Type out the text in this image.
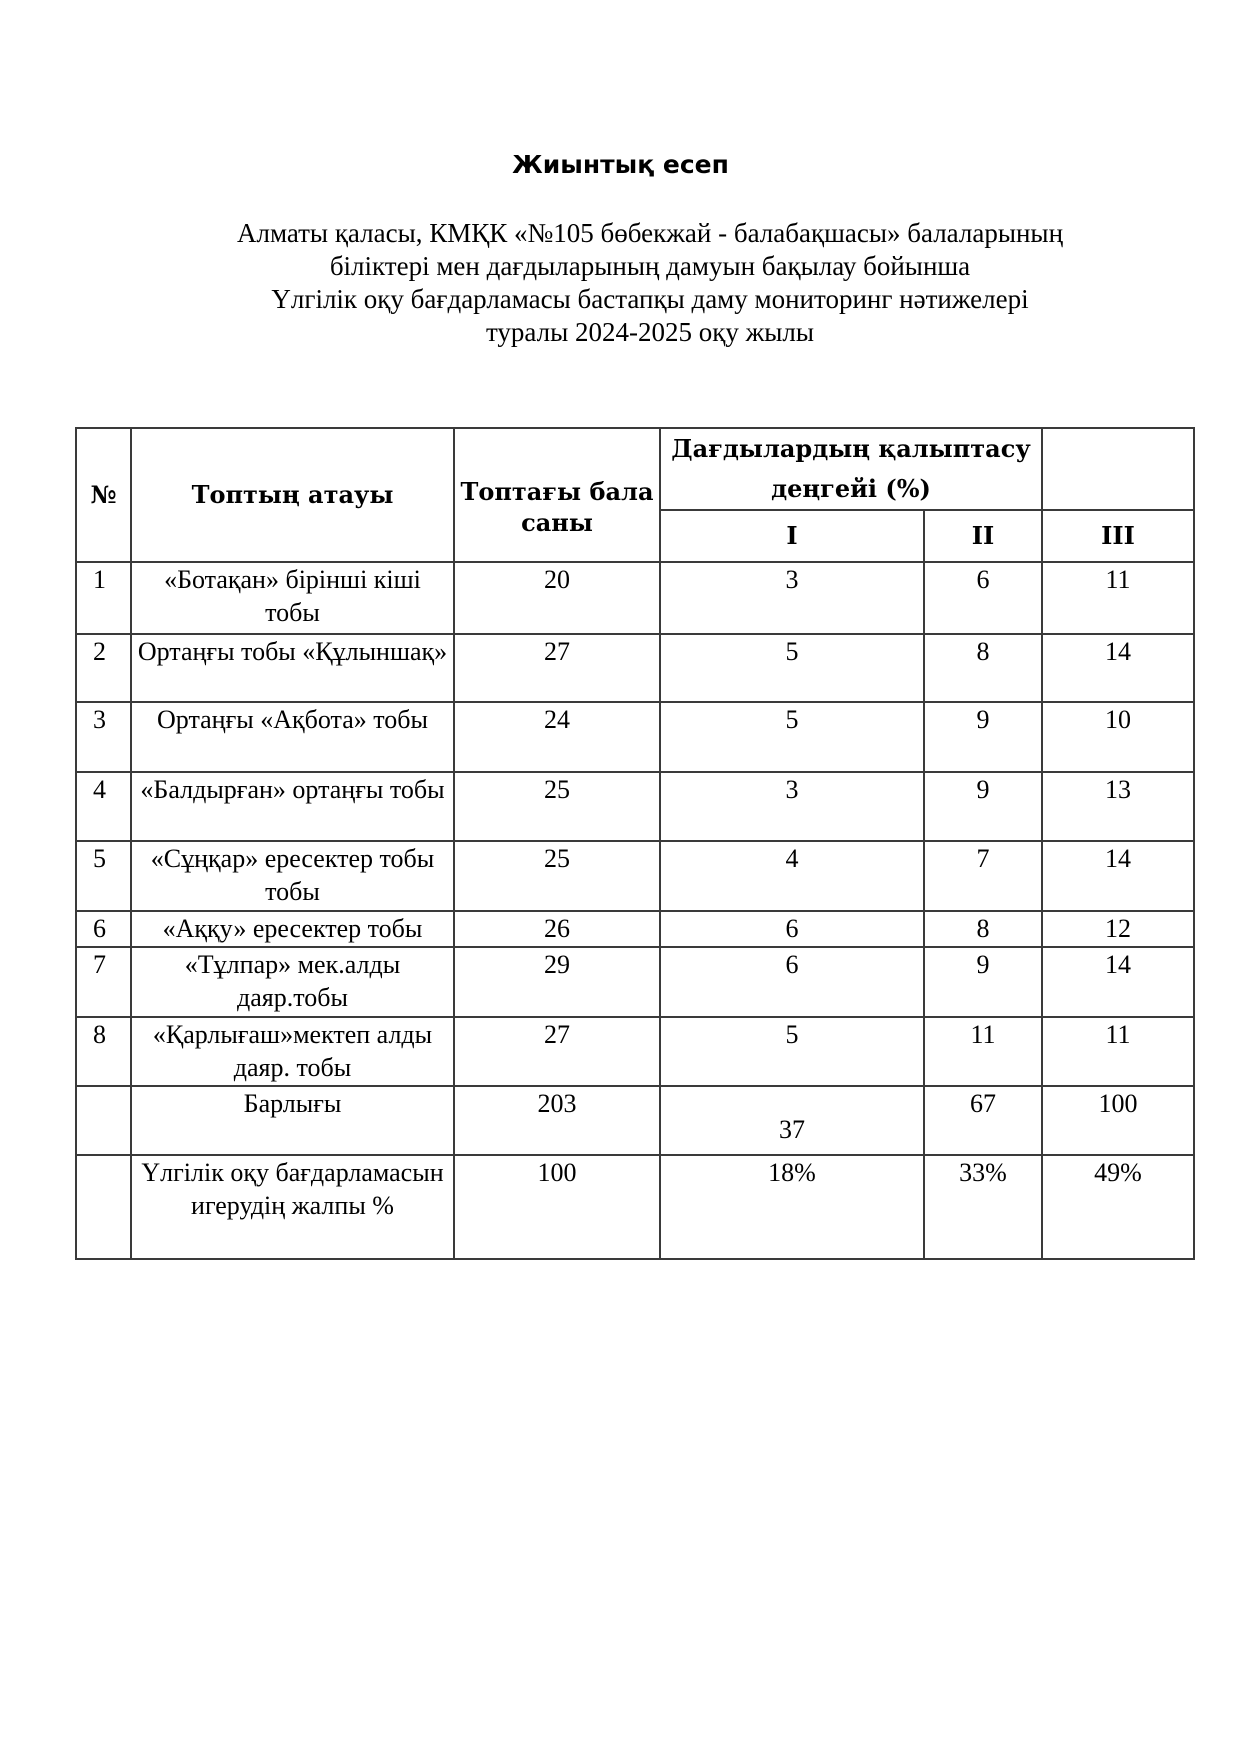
Жиынтық есеп
Алматы қаласы, КМҚК «№105 бөбекжай - балабақшасы» балаларының
біліктері мен дағдыларының дамуын бақылау бойынша
Үлгілік оқу бағдарламасы бастапқы даму мониторинг нәтижелері
туралы 2024-2025 оқу жылы
№	Топтың атауы	Топтағы бала саны	Дағдылардың қалыптасу деңгейі (%)		
			I	II	III
1	«Ботақан» бірінші кіші тобы	20	3	6	11
2	Ортаңғы тобы «Құлыншақ»	27	5	8	14
3	Ортаңғы «Ақбота» тобы	24	5	9	10
4	«Балдырған» ортаңғы тобы	25	3	9	13
5	«Сұңқар» ересектер тобы тобы	25	4	7	14
6	«Аққу» ересектер тобы	26	6	8	12
7	«Тұлпар» мек.алды даяр.тобы	29	6	9	14
8	«Қарлығаш»мектеп алды даяр. тобы	27	5	11	11
	Барлығы	203	37	67	100
	Үлгілік оқу бағдарламасын игерудің жалпы %	100	18%	33%	49%
